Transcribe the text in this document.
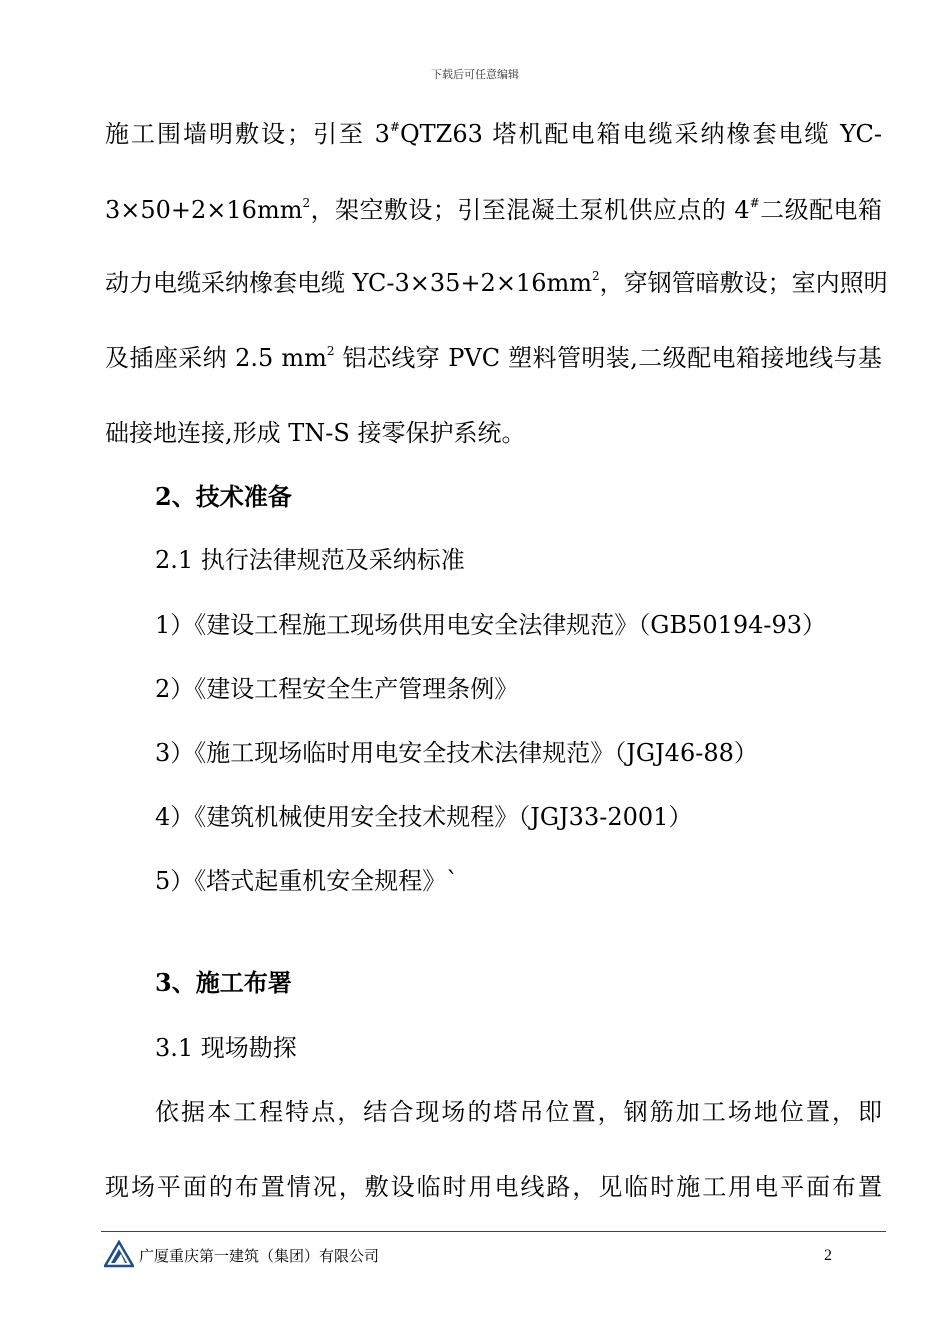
下载后可任意编辑
施工围墙明敷设；引至 3#QTZ63 塔机配电箱电缆采纳橡套电缆 YC-
$3\times 50+2\times 16mm^2$，架空敷设；引至混凝土泵机供应点的 4#二级配电箱
动力电缆采纳橡套电缆 $YC-3\times 35+2\times 16mm^2$，穿钢管暗敷设；室内照明
及插座采纳 2.5 $mm^2$ 铝芯线穿 PVC 塑料管明装,二级配电箱接地线与基
础接地连接,形成 TN-S 接零保护系统。
2、技术准备
2.1 执行法律规范及采纳标准
1）《建设工程施工现场供用电安全法律规范》（GB50194-93）
2）《建设工程安全生产管理条例》
3）《施工现场临时用电安全技术法律规范》（JGJ46-88）
4）《建筑机械使用安全技术规程》（JGJ33-2001）
5）《塔式起重机安全规程》`
3、施工布署
3.1 现场勘探
依据本工程特点，结合现场的塔吊位置，钢筋加工场地位置，即
现场平面的布置情况，敷设临时用电线路，见临时施工用电平面布置
广厦重庆第一建筑（集团）有限公司	2
